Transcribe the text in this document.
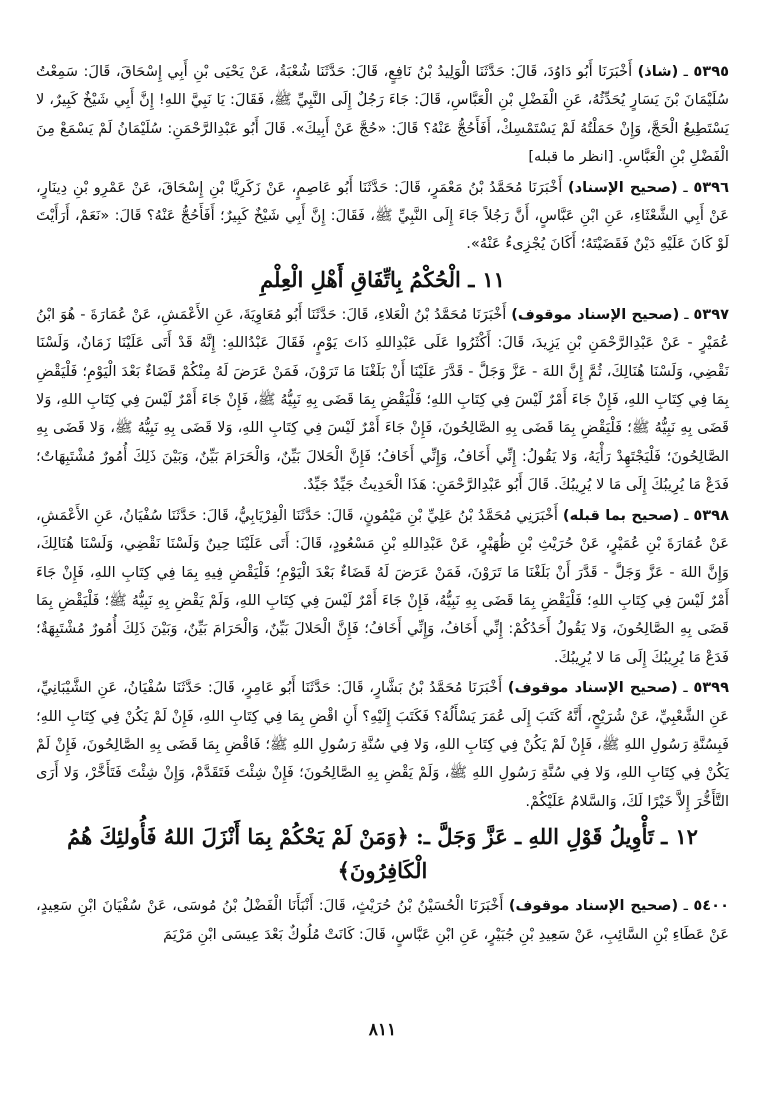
٥٣٩٥ ـ (شاذ) أَخْبَرَنَا أَبُو دَاوُدَ، قَالَ: حَدَّثَنَا الْوَلِيدُ بْنُ نَافِعٍ، قَالَ: حَدَّثَنَا شُعْبَةُ، عَنْ يَحْيَى بْنِ أَبِي إِسْحَاقَ، قَالَ: سَمِعْتُ سُلَيْمَانَ بْنَ يَسَارٍ يُحَدِّثُهُ، عَنِ الْفَضْلِ بْنِ الْعَبَّاسِ، قَالَ: جَاءَ رَجُلٌ إِلَى النَّبِيِّ ﷺ، فَقَالَ: يَا نَبِيَّ اللهِ! إِنَّ أَبِي شَيْخٌ كَبِيرٌ، لا يَسْتَطِيعُ الْحَجَّ، وَإِنْ حَمَلْتُهُ لَمْ يَسْتَمْسِكْ، أَفَأَحُجُّ عَنْهُ؟ قَالَ: «حُجَّ عَنْ أَبِيكَ». قَالَ أَبُو عَبْدِالرَّحْمَنِ: سُلَيْمَانُ لَمْ يَسْمَعْ مِنَ الْفَضْلِ بْنِ الْعَبَّاسِ. [انظر ما قبله]

٥٣٩٦ ـ (صحيح الإسناد) أَخْبَرَنَا مُحَمَّدُ بْنُ مَعْمَرٍ، قَالَ: حَدَّثَنَا أَبُو عَاصِمٍ، عَنْ زَكَرِيَّا بْنِ إِسْحَاقَ، عَنْ عَمْرِو بْنِ دِينَارٍ، عَنْ أَبِي الشَّعْثَاءِ، عَنِ ابْنِ عَبَّاسٍ، أَنَّ رَجُلاً جَاءَ إِلَى النَّبِيِّ ﷺ، فَقَالَ: إِنَّ أَبِي شَيْخٌ كَبِيرٌ؛ أَفَأَحُجُّ عَنْهُ؟ قَالَ: «نَعَمْ، أَرَأَيْتَ لَوْ كَانَ عَلَيْهِ دَيْنٌ فَقَضَيْتَهُ؛ أَكَانَ يُجْزِىءُ عَنْهُ».

١١ـ الْحُكْمُ بِاتِّفَاقِ أَهْلِ الْعِلْمِ

٥٣٩٧ ـ (صحيح الإسناد موقوف) أَخْبَرَنَا مُحَمَّدُ بْنُ الْعَلاءِ، قَالَ: حَدَّثَنَا أَبُو مُعَاوِيَةَ، عَنِ الأَعْمَشِ، عَنْ عُمَارَةَ - هُوَ ابْنُ عُمَيْرٍ - عَنْ عَبْدِالرَّحْمَنِ بْنِ يَزِيدَ، قَالَ: أَكْثَرُوا عَلَى عَبْدِاللهِ ذَاتَ يَوْمٍ، فَقَالَ عَبْدُاللهِ: إِنَّهُ قَدْ أَتَى عَلَيْنَا زَمَانٌ، وَلَسْنَا نَقْضِي، وَلَسْنَا هُنَالِكَ، ثُمَّ إِنَّ اللهَ - عَزَّ وَجَلَّ - قَدَّرَ عَلَيْنَا أَنْ بَلَغْنَا مَا تَرَوْنَ، فَمَنْ عَرَضَ لَهُ مِنْكُمْ قَضَاءٌ بَعْدَ الْيَوْمِ؛ فَلْيَقْضِ بِمَا فِي كِتَابِ اللهِ، فَإِنْ جَاءَ أَمْرٌ لَيْسَ فِي كِتَابِ اللهِ؛ فَلْيَقْضِ بِمَا قَضَى بِهِ نَبِيُّهُ ﷺ، فَإِنْ جَاءَ أَمْرٌ لَيْسَ فِي كِتَابِ اللهِ، وَلا قَضَى بِهِ نَبِيُّهُ ﷺ؛ فَلْيَقْضِ بِمَا قَضَى بِهِ الصَّالِحُونَ، فَإِنْ جَاءَ أَمْرٌ لَيْسَ فِي كِتَابِ اللهِ، وَلا قَضَى بِهِ نَبِيُّهُ ﷺ، وَلا قَضَى بِهِ الصَّالِحُونَ؛ فَلْيَجْتَهِدْ رَأْيَهُ، وَلا يَقُولُ: إِنِّي أَخَافُ، وَإِنِّي أَخَافُ؛ فَإِنَّ الْحَلالَ بَيِّنٌ، وَالْحَرَامَ بَيِّنٌ، وَبَيْنَ ذَلِكَ أُمُورٌ مُشْتَبِهَاتٌ؛ فَدَعْ مَا يُرِيبُكَ إِلَى مَا لا يُرِيبُكَ. قَالَ أَبُو عَبْدِالرَّحْمَنِ: هَذَا الْحَدِيثُ جَيِّدٌ جَيِّدٌ.

٥٣٩٨ ـ (صحيح بما قبله) أَخْبَرَنِي مُحَمَّدُ بْنُ عَلِيِّ بْنِ مَيْمُونٍ، قَالَ: حَدَّثَنَا الْفِرْيَابِيُّ، قَالَ: حَدَّثَنَا سُفْيَانُ، عَنِ الأَعْمَشِ، عَنْ عُمَارَةَ بْنِ عُمَيْرٍ، عَنْ حُرَيْثِ بْنِ ظُهَيْرٍ، عَنْ عَبْدِاللهِ بْنِ مَسْعُودٍ، قَالَ: أَتَى عَلَيْنَا حِينٌ وَلَسْنَا نَقْضِي، وَلَسْنَا هُنَالِكَ، وَإِنَّ اللهَ - عَزَّ وَجَلَّ - قَدَّرَ أَنْ بَلَغْنَا مَا تَرَوْنَ، فَمَنْ عَرَضَ لَهُ قَضَاءٌ بَعْدَ الْيَوْمِ؛ فَلْيَقْضِ فِيهِ بِمَا فِي كِتَابِ اللهِ، فَإِنْ جَاءَ أَمْرٌ لَيْسَ فِي كِتَابِ اللهِ؛ فَلْيَقْضِ بِمَا قَضَى بِهِ نَبِيُّهُ، فَإِنْ جَاءَ أَمْرٌ لَيْسَ فِي كِتَابِ اللهِ، وَلَمْ يَقْضِ بِهِ نَبِيُّهُ ﷺ؛ فَلْيَقْضِ بِمَا قَضَى بِهِ الصَّالِحُونَ، وَلا يَقُولُ أَحَدُكُمْ: إِنِّي أَخَافُ، وَإِنِّي أَخَافُ؛ فَإِنَّ الْحَلالَ بَيِّنٌ، وَالْحَرَامَ بَيِّنٌ، وَبَيْنَ ذَلِكَ أُمُورٌ مُشْتَبِهَةٌ؛ فَدَعْ مَا يُرِيبُكَ إِلَى مَا لا يُرِيبُكَ.

٥٣٩٩ ـ (صحيح الإسناد موقوف) أَخْبَرَنَا مُحَمَّدُ بْنُ بَشَّارٍ، قَالَ: حَدَّثَنَا أَبُو عَامِرٍ، قَالَ: حَدَّثَنَا سُفْيَانُ، عَنِ الشَّيْبَانِيِّ، عَنِ الشَّعْبِيِّ، عَنْ شُرَيْحٍ، أَنَّهُ كَتَبَ إِلَى عُمَرَ يَسْأَلُهُ؟ فَكَتَبَ إِلَيْهِ؟ أَنِ اقْضِ بِمَا فِي كِتَابِ اللهِ، فَإِنْ لَمْ يَكُنْ فِي كِتَابِ اللهِ؛ فَبِسُنَّةِ رَسُولِ اللهِ ﷺ، فَإِنْ لَمْ يَكُنْ فِي كِتَابِ اللهِ، وَلا فِي سُنَّةِ رَسُولِ اللهِ ﷺ؛ فَاقْضِ بِمَا قَضَى بِهِ الصَّالِحُونَ، فَإِنْ لَمْ يَكُنْ فِي كِتَابِ اللهِ، وَلا فِي سُنَّةِ رَسُولِ اللهِ ﷺ، وَلَمْ يَقْضِ بِهِ الصَّالِحُونَ؛ فَإِنْ شِئْتَ فَتَقَدَّمْ، وَإِنْ شِئْتَ فَتَأَخَّرْ، وَلا أَرَى التَّأَخُّرَ إِلاَّ خَيْرًا لَكَ، وَالسَّلامُ عَلَيْكُمْ.

١٢ـ تَأْوِيلُ قَوْلِ اللهِ ـ عَزَّ وَجَلَّ ـ: ﴿وَمَنْ لَمْ يَحْكُمْ بِمَا أَنْزَلَ اللهُ فَأُولئِكَ هُمُ الْكَافِرُونَ﴾

٥٤٠٠ ـ (صحيح الإسناد موقوف) أَخْبَرَنَا الْحُسَيْنُ بْنُ حُرَيْثٍ، قَالَ: أَنْبَأَنَا الْفَضْلُ بْنُ مُوسَى، عَنْ سُفْيَانَ ابْنِ سَعِيدٍ، عَنْ عَطَاءِ بْنِ السَّائِبِ، عَنْ سَعِيدِ بْنِ جُبَيْرٍ، عَنِ ابْنِ عَبَّاسٍ، قَالَ: كَانَتْ مُلُوكٌ بَعْدَ عِيسَى ابْنِ مَرْيَمَ

٨١١
